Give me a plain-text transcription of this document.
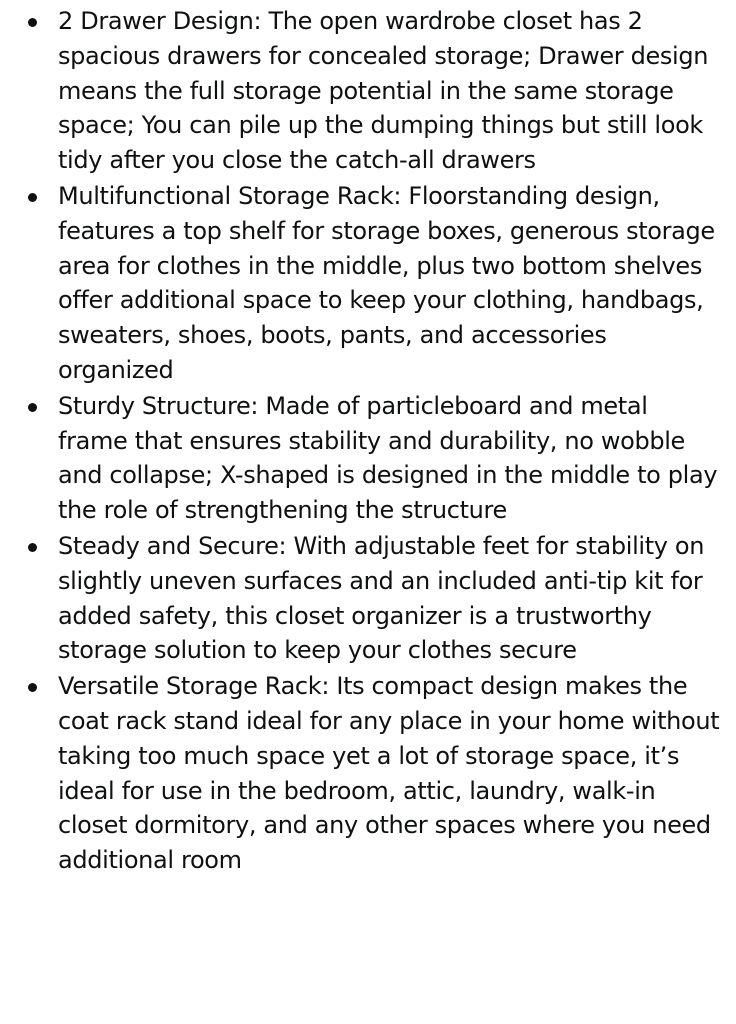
2 Drawer Design: The open wardrobe closet has 2 spacious drawers for concealed storage; Drawer design means the full storage potential in the same storage space; You can pile up the dumping things but still look tidy after you close the catch-all drawers
Multifunctional Storage Rack: Floorstanding design, features a top shelf for storage boxes, generous storage area for clothes in the middle, plus two bottom shelves offer additional space to keep your clothing, handbags, sweaters, shoes, boots, pants, and accessories organized
Sturdy Structure: Made of particleboard and metal frame that ensures stability and durability, no wobble and collapse; X-shaped is designed in the middle to play the role of strengthening the structure
Steady and Secure: With adjustable feet for stability on slightly uneven surfaces and an included anti-tip kit for added safety, this closet organizer is a trustworthy storage solution to keep your clothes secure
Versatile Storage Rack: Its compact design makes the coat rack stand ideal for any place in your home without taking too much space yet a lot of storage space, it’s ideal for use in the bedroom, attic, laundry, walk-in closet dormitory, and any other spaces where you need additional room
